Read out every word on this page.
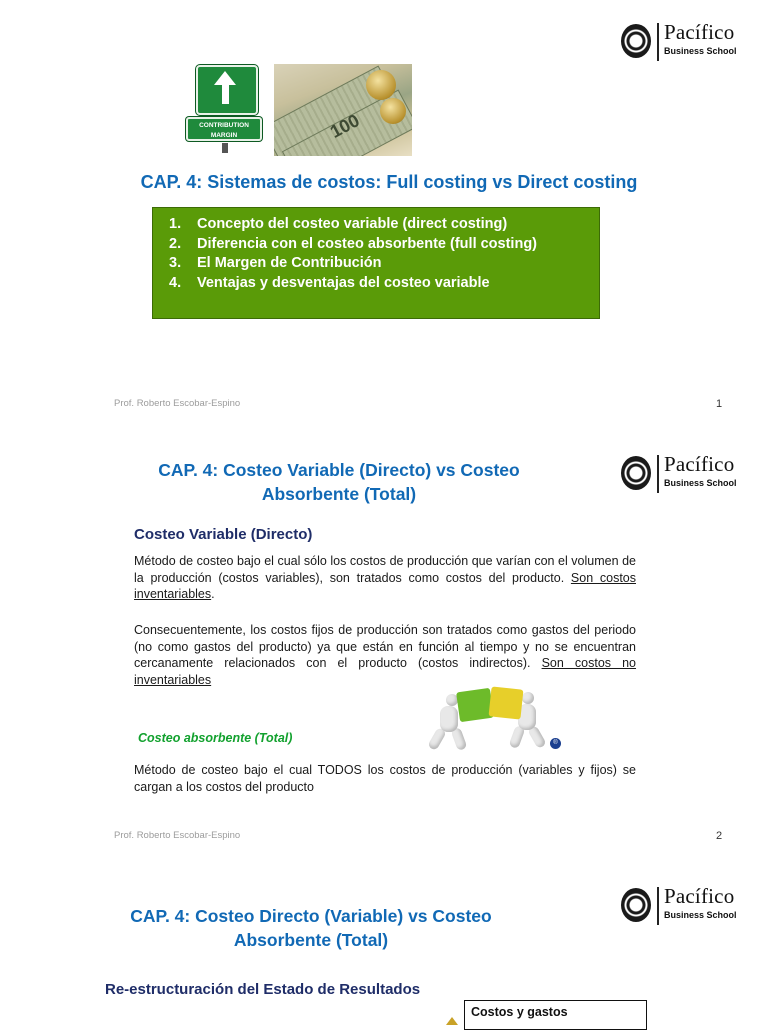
Pacífico
Business School
CONTRIBUTION MARGIN	100
CAP. 4: Sistemas de costos: Full costing vs Direct costing
1. Concepto del costeo variable (direct costing)
2. Diferencia con el costeo absorbente (full costing)
3. El Margen de Contribución
4. Ventajas y desventajas del costeo variable
Prof. Roberto Escobar-Espino	1
CAP. 4: Costeo Variable (Directo) vs Costeo
Absorbente (Total)
Pacífico
Business School
Costeo Variable (Directo)

Método de costeo bajo el cual sólo los costos de producción que varían con el volumen de la producción (costos variables), son tratados como costos del producto. Son costos inventariables.

Consecuentemente, los costos fijos de producción son tratados como gastos del periodo (no como gastos del producto) ya que están en función al tiempo y no se encuentran cercanamente relacionados con el producto (costos indirectos). Son costos no inventariables

®
Costeo absorbente (Total)

Método de costeo bajo el cual TODOS los costos de producción (variables y fijos) se cargan a los costos del producto

Prof. Roberto Escobar-Espino	2
CAP. 4: Costeo Directo (Variable) vs Costeo
Absorbente (Total)
Pacífico
Business School
Re-estructuración del Estado de Resultados
Costos y gastos
